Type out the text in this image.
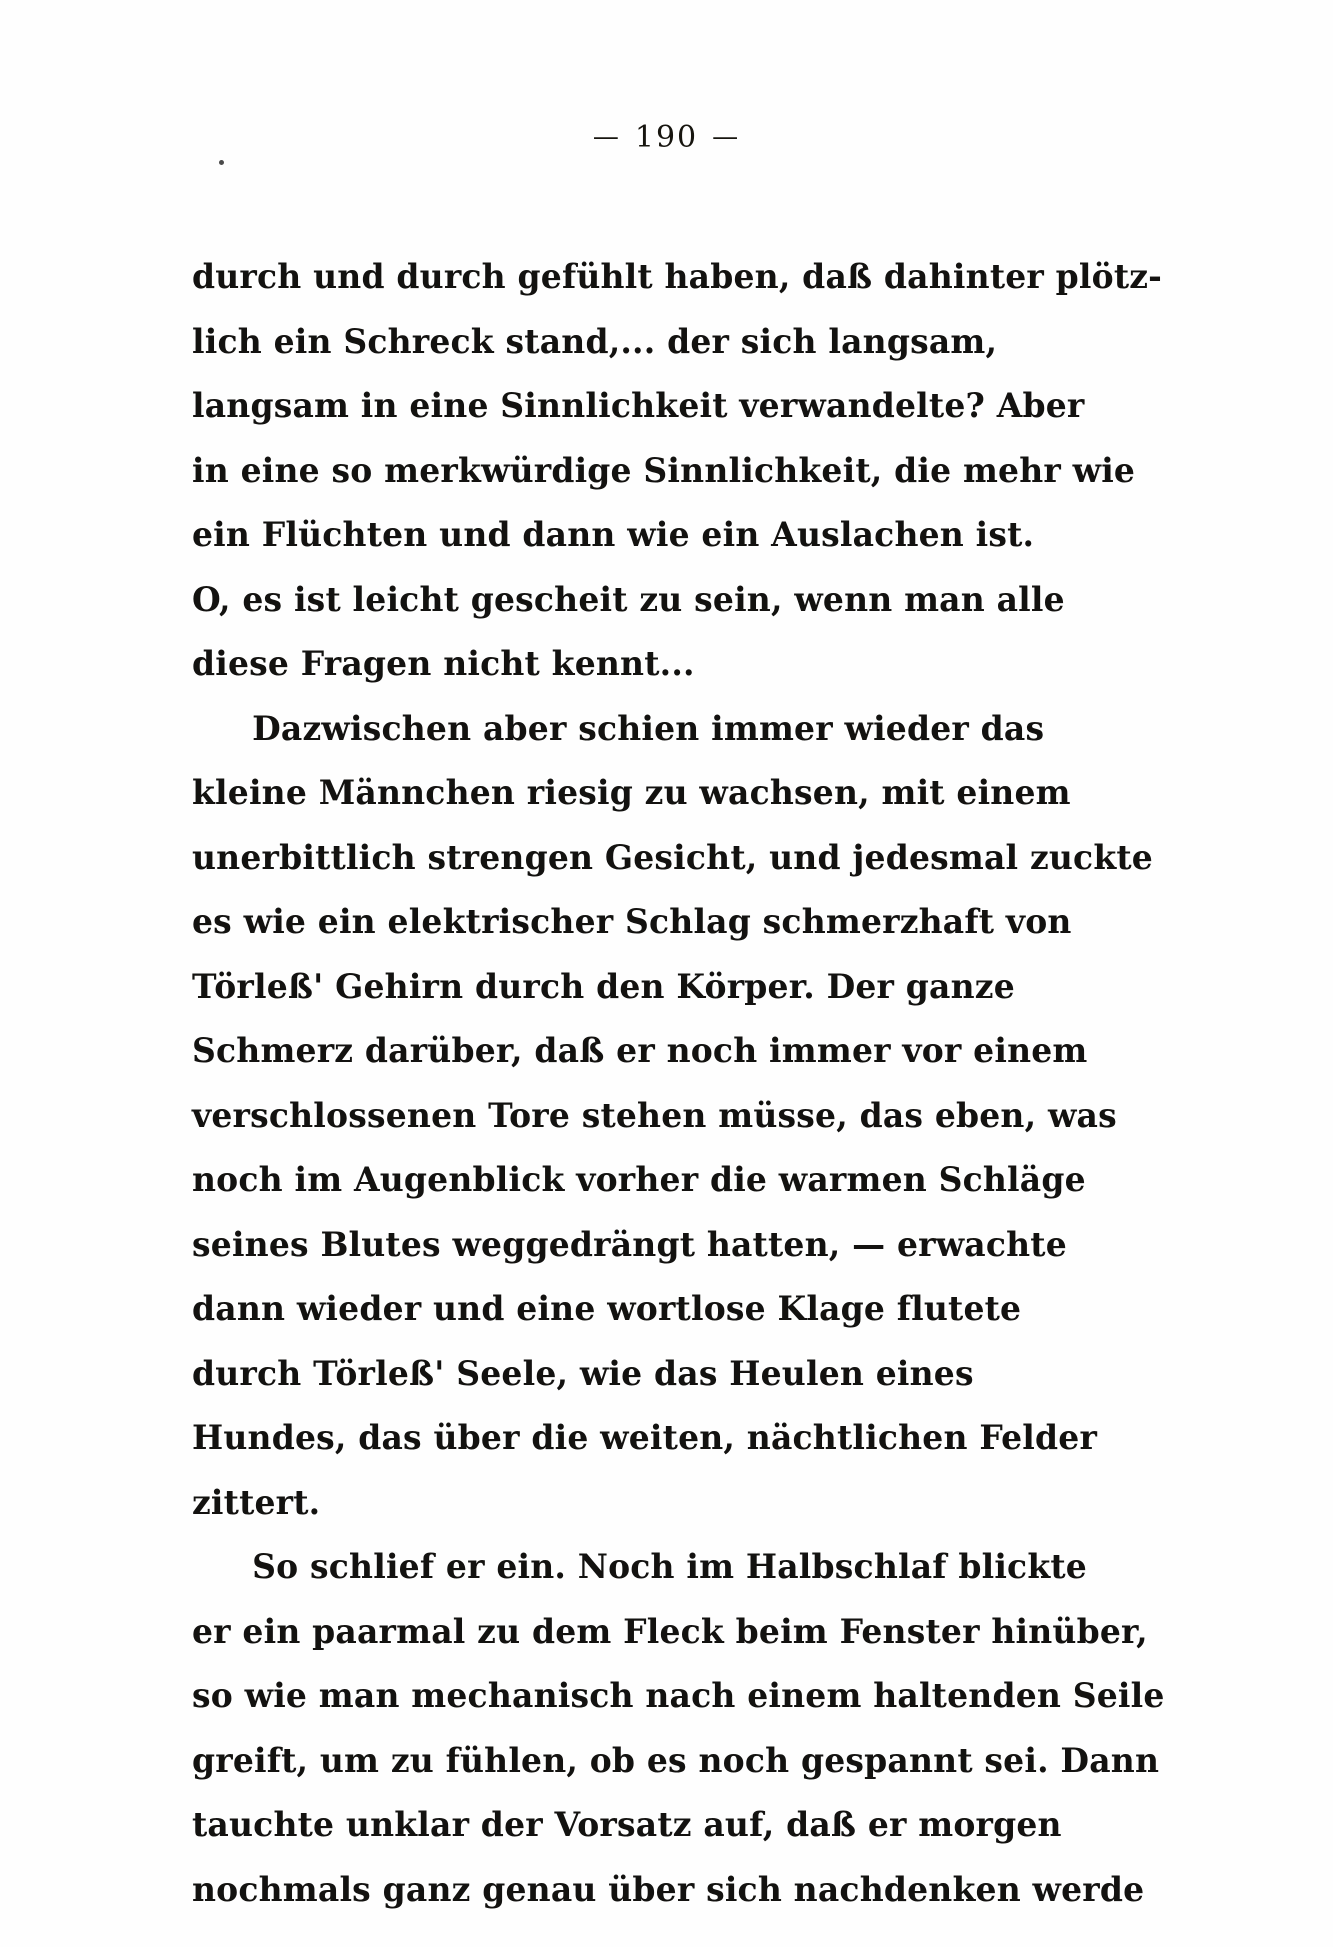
— 190 —

durch und durch gefühlt haben, daß dahinter plötz-
lich ein Schreck stand,... der sich langsam,
langsam in eine Sinnlichkeit verwandelte? Aber
in eine so merkwürdige Sinnlichkeit, die mehr wie
ein Flüchten und dann wie ein Auslachen ist.
O, es ist leicht gescheit zu sein, wenn man alle
diese Fragen nicht kennt...

Dazwischen aber schien immer wieder das
kleine Männchen riesig zu wachsen, mit einem
unerbittlich strengen Gesicht, und jedesmal zuckte
es wie ein elektrischer Schlag schmerzhaft von
Törleß' Gehirn durch den Körper. Der ganze
Schmerz darüber, daß er noch immer vor einem
verschlossenen Tore stehen müsse, das eben, was
noch im Augenblick vorher die warmen Schläge
seines Blutes weggedrängt hatten, — erwachte
dann wieder und eine wortlose Klage flutete
durch Törleß' Seele, wie das Heulen eines
Hundes, das über die weiten, nächtlichen Felder
zittert.

So schlief er ein. Noch im Halbschlaf blickte
er ein paarmal zu dem Fleck beim Fenster hinüber,
so wie man mechanisch nach einem haltenden Seile
greift, um zu fühlen, ob es noch gespannt sei. Dann
tauchte unklar der Vorsatz auf, daß er morgen
nochmals ganz genau über sich nachdenken werde
